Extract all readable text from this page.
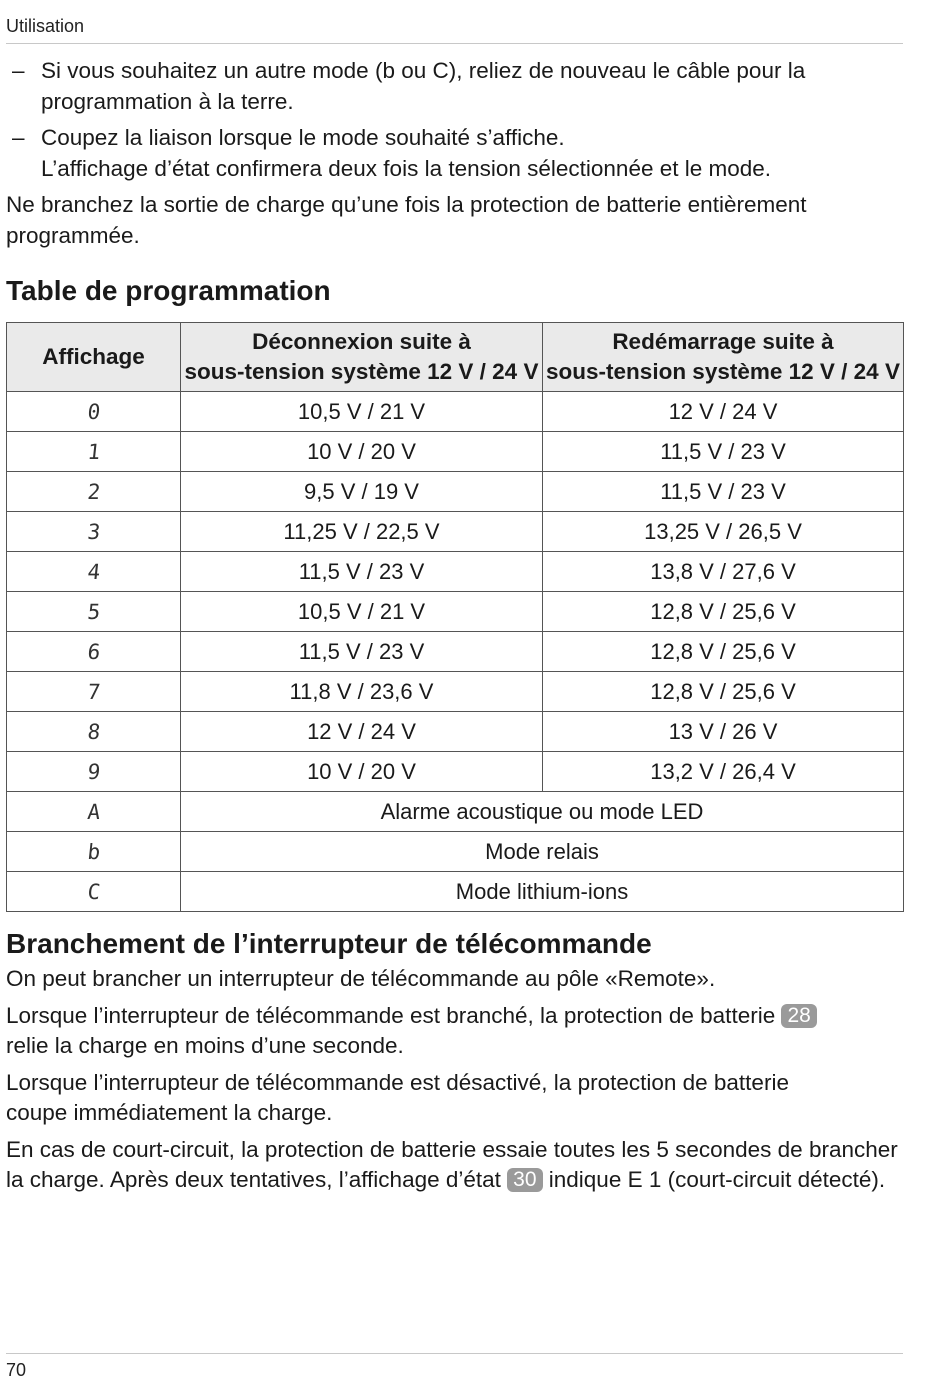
Utilisation
– Si vous souhaitez un autre mode (b ou C), reliez de nouveau le câble pour la
programmation à la terre.
– Coupez la liaison lorsque le mode souhaité s’affiche.
L’affichage d’état confirmera deux fois la tension sélectionnée et le mode.

Ne branchez la sortie de charge qu’une fois la protection de batterie entièrement
programmée.

Table de programmation
Affichage	Déconnexion suite à
sous-tension système 12 V / 24 V	Redémarrage suite à
sous-tension système 12 V / 24 V
0	10,5 V / 21 V	12 V / 24 V
1	10 V / 20 V	11,5 V / 23 V
2	9,5 V / 19 V	11,5 V / 23 V
3	11,25 V / 22,5 V	13,25 V / 26,5 V
4	11,5 V / 23 V	13,8 V / 27,6 V
5	10,5 V / 21 V	12,8 V / 25,6 V
6	11,5 V / 23 V	12,8 V / 25,6 V
7	11,8 V / 23,6 V	12,8 V / 25,6 V
8	12 V / 24 V	13 V / 26 V
9	10 V / 20 V	13,2 V / 26,4 V
A	Alarme acoustique ou mode LED	
b	Mode relais	
C	Mode lithium-ions	
Branchement de l’interrupteur de télécommande

On peut brancher un interrupteur de télécommande au pôle «Remote».

Lorsque l’interrupteur de télécommande est branché, la protection de batterie 28
relie la charge en moins d’une seconde.

Lorsque l’interrupteur de télécommande est désactivé, la protection de batterie
coupe immédiatement la charge.

En cas de court-circuit, la protection de batterie essaie toutes les 5 secondes de brancher
la charge. Après deux tentatives, l’affichage d’état 30 indique E 1 (court-circuit détecté).

70
